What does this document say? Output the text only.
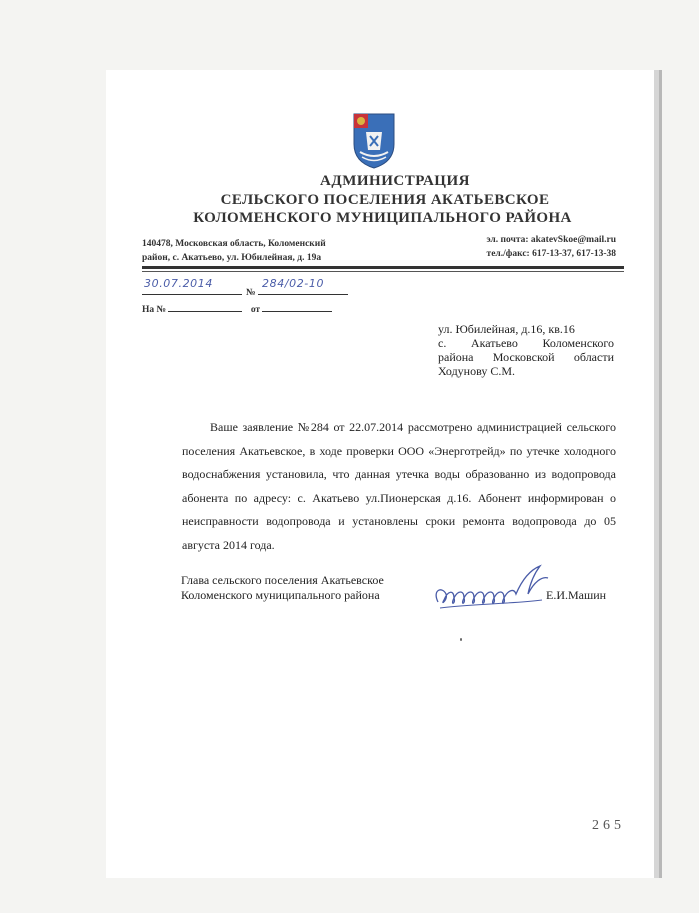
АДМИНИСТРАЦИЯ
СЕЛЬСКОГО ПОСЕЛЕНИЯ АКАТЬЕВСКОЕ
КОЛОМЕНСКОГО МУНИЦИПАЛЬНОГО РАЙОНА
140478, Московская область, Коломенский
район, с. Акатьево, ул. Юбилейная, д. 19а
эл. почта: akatevSkoe@mail.ru
тел./факс: 617-13-37, 617-13-38
30.07.2014
№
284/02-10
На №	от
ул. Юбилейная, д.16, кв.16
с. Акатьево Коломенского
района Московской области
Ходунову С.М.
Ваше заявление №284 от 22.07.2014 рассмотрено администрацией сельского поселения Акатьевское, в ходе проверки ООО «Энерготрейд» по утечке холодного водоснабжения установила, что данная утечка воды образованно из водопровода абонента по адресу: с. Акатьево ул.Пионерская д.16. Абонент информирован о неисправности водопровода и установлены сроки ремонта водопровода до 05 августа 2014 года.
Глава сельского поселения Акатьевское
Коломенского муниципального района	Е.И.Машин
265
